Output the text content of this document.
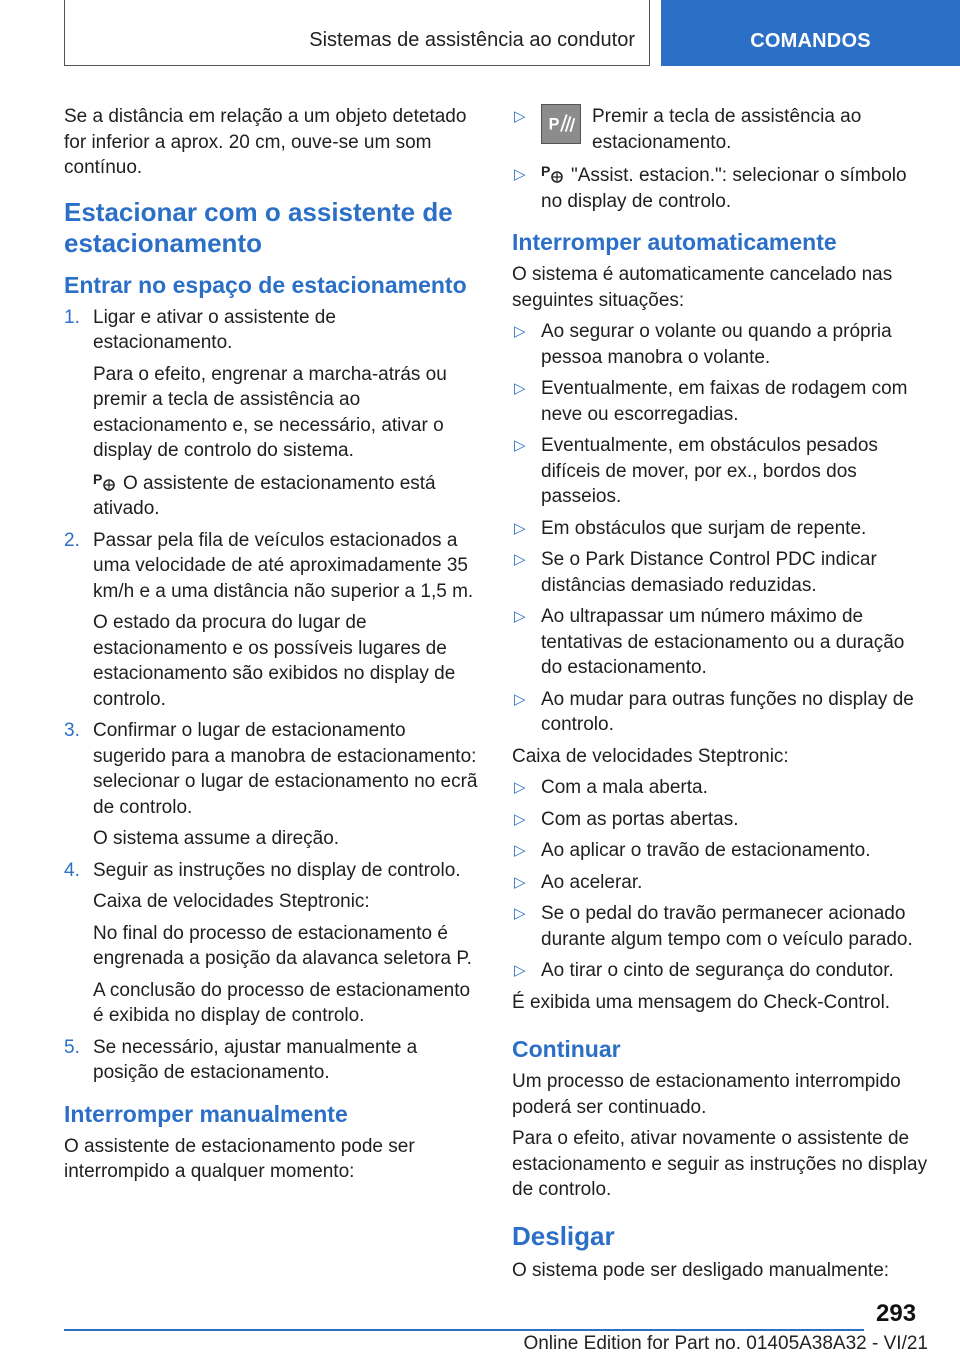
Sistemas de assistência ao condutor	COMANDOS

Se a distância em relação a um objeto detetado for inferior a aprox. 20 cm, ouve-se um som contínuo.

Estacionar com o assistente de estacionamento
Entrar no espaço de estacionamento
1. Ligar e ativar o assistente de estacionamento.

Para o efeito, engrenar a marcha-atrás ou premir a tecla de assistência ao estacionamento e, se necessário, ativar o display de controlo do sistema.

P O assistente de estacionamento está ativado.

2. Passar pela fila de veículos estacionados a uma velocidade de até aproximadamente 35 km/h e a uma distância não superior a 1,5 m.

O estado da procura do lugar de estacionamento e os possíveis lugares de estacionamento são exibidos no display de controlo.

3. Confirmar o lugar de estacionamento sugerido para a manobra de estacionamento: selecionar o lugar de estacionamento no ecrã de controlo.

O sistema assume a direção.

4. Seguir as instruções no display de controlo.

Caixa de velocidades Steptronic:

No final do processo de estacionamento é engrenada a posição da alavanca seletora P.

A conclusão do processo de estacionamento é exibida no display de controlo.

5. Se necessário, ajustar manualmente a posição de estacionamento.

Interromper manualmente

O assistente de estacionamento pode ser interrompido a qualquer momento:

▷ P Premir a tecla de assistência ao estacionamento.
▷ P "Assist. estacion.": selecionar o símbolo no display de controlo.
Interromper automaticamente

O sistema é automaticamente cancelado nas seguintes situações:

▷ Ao segurar o volante ou quando a própria pessoa manobra o volante.
▷ Eventualmente, em faixas de rodagem com neve ou escorregadias.
▷ Eventualmente, em obstáculos pesados difíceis de mover, por ex., bordos dos passeios.
▷ Em obstáculos que surjam de repente.
▷ Se o Park Distance Control PDC indicar distâncias demasiado reduzidas.
▷ Ao ultrapassar um número máximo de tentativas de estacionamento ou a duração do estacionamento.
▷ Ao mudar para outras funções no display de controlo.

Caixa de velocidades Steptronic:

▷ Com a mala aberta.
▷ Com as portas abertas.
▷ Ao aplicar o travão de estacionamento.
▷ Ao acelerar.
▷ Se o pedal do travão permanecer acionado durante algum tempo com o veículo parado.
▷ Ao tirar o cinto de segurança do condutor.

É exibida uma mensagem do Check-Control.

Continuar

Um processo de estacionamento interrompido poderá ser continuado.

Para o efeito, ativar novamente o assistente de estacionamento e seguir as instruções no display de controlo.

Desligar

O sistema pode ser desligado manualmente:

293
Online Edition for Part no. 01405A38A32 - VI/21
